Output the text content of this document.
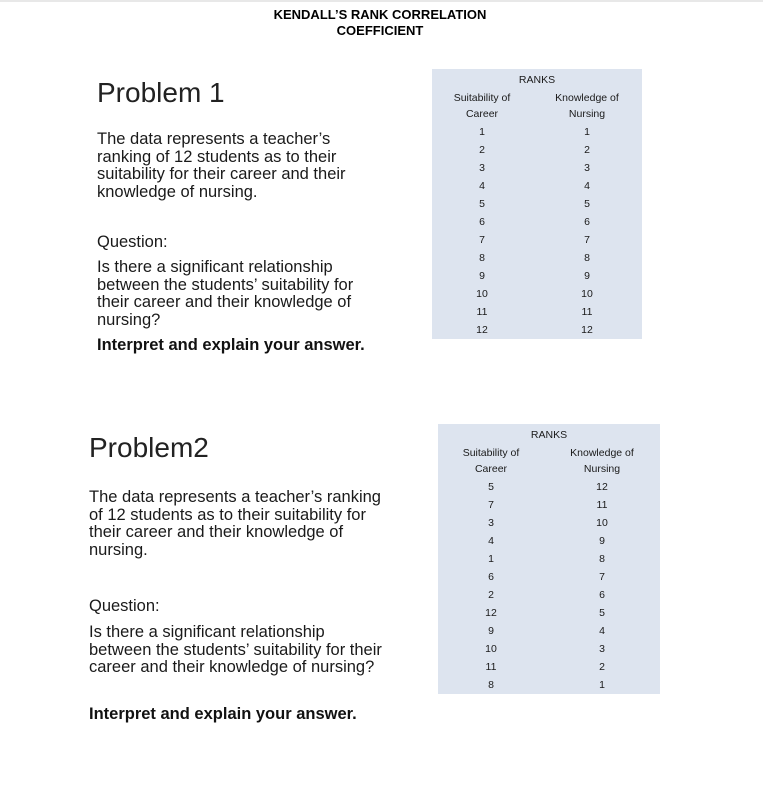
KENDALL’S RANK CORRELATION
COEFFICIENT
Problem 1
The data represents a teacher’s ranking of 12 students as to their suitability for their career and their knowledge of nursing.
Question:
Is there a significant relationship between the students’ suitability for their career and their knowledge of nursing?
Interpret and explain your answer.
RANKS	
Suitability of
Career	Knowledge of
Nursing
1	1
2	2
3	3
4	4
5	5
6	6
7	7
8	8
9	9
10	10
11	11
12	12
Problem2
The data represents a teacher’s ranking of 12 students as to their suitability for their career and their knowledge of nursing.
Question:
Is there a significant relationship between the students’ suitability for their career and their knowledge of nursing?
Interpret and explain your answer.
RANKS	
Suitability of
Career	Knowledge of
Nursing
5	12
7	11
3	10
4	9
1	8
6	7
2	6
12	5
9	4
10	3
11	2
8	1
